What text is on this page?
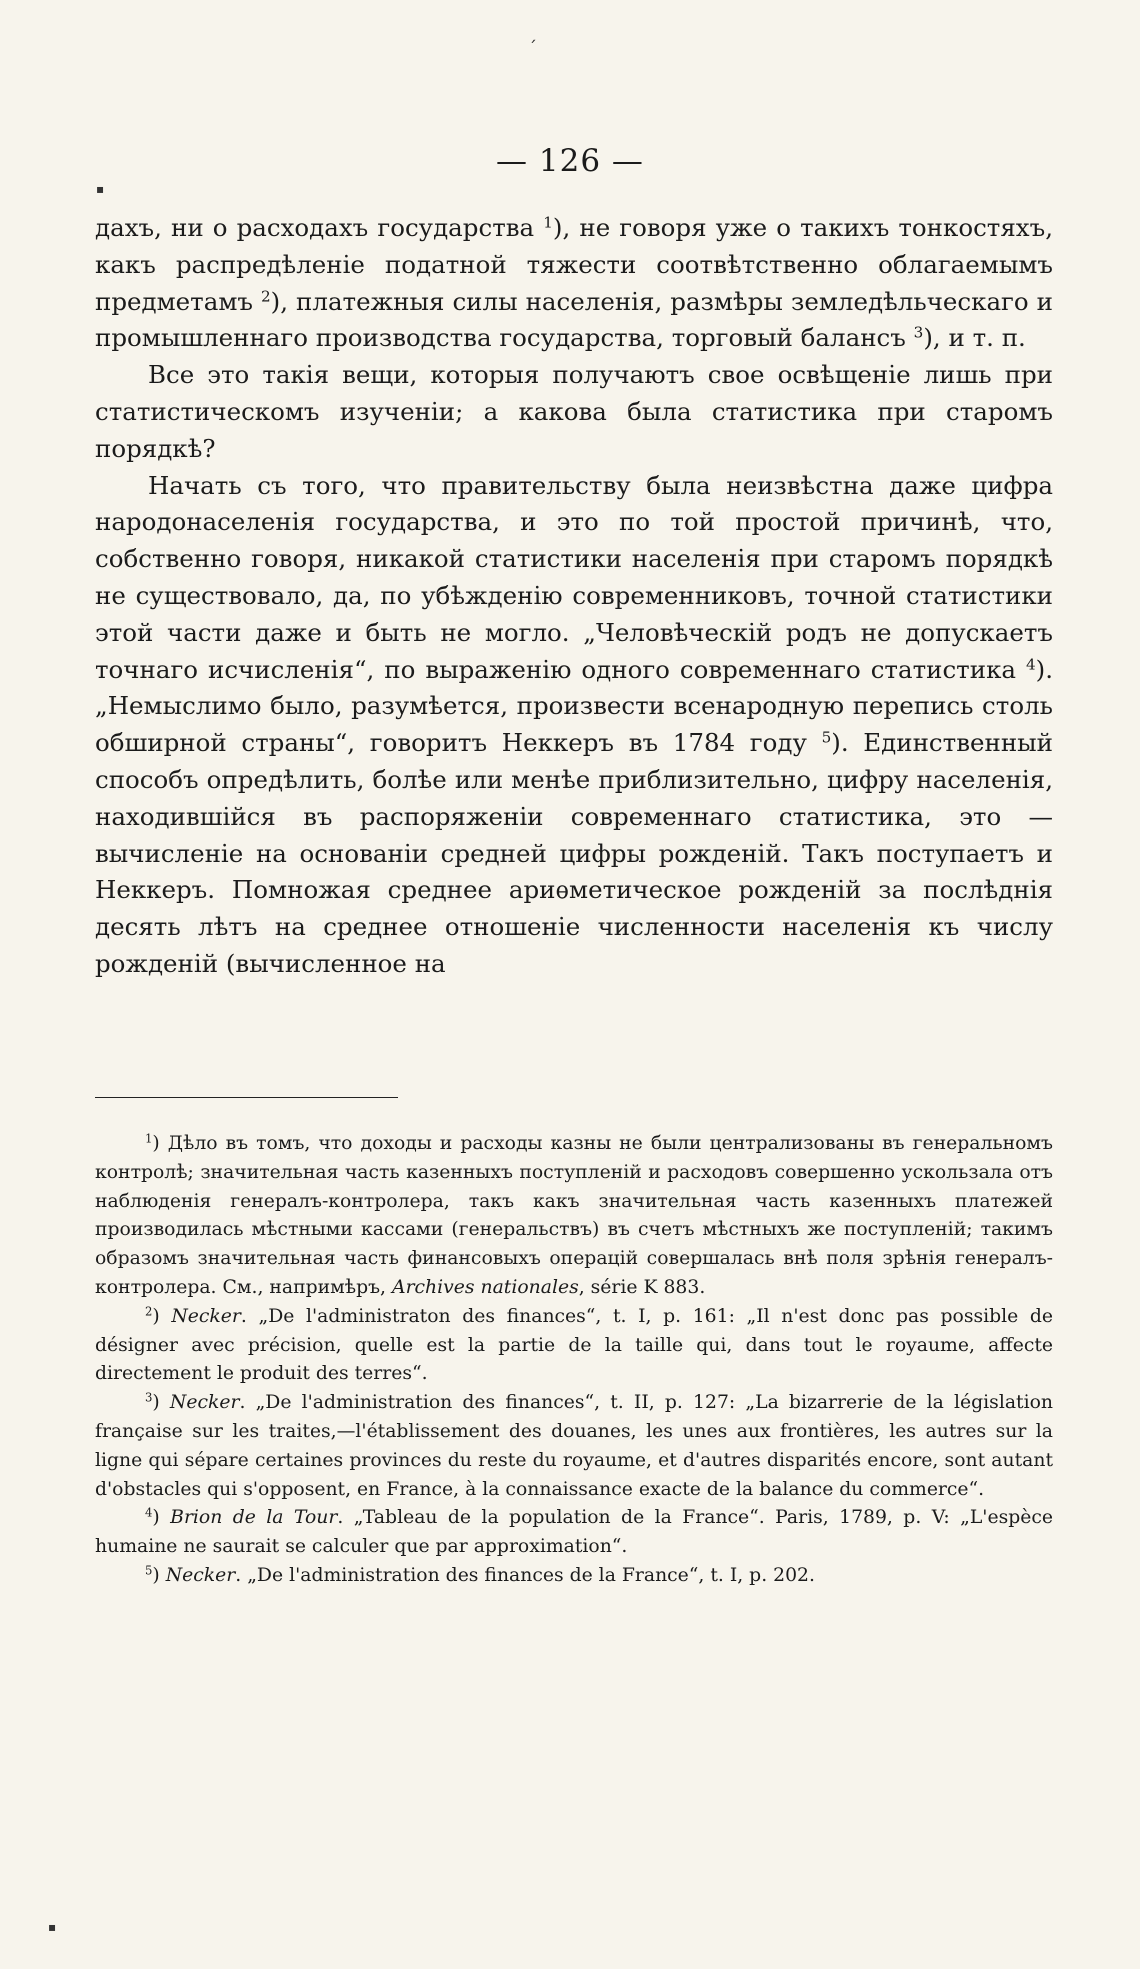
ˊ
▪
— 126 —

дахъ, ни о расходахъ государства $^1$), не говоря уже о такихъ тонкостяхъ, какъ распредѣленіе податной тяжести соотвѣтственно облагаемымъ предметамъ $^2$), платежныя силы населенія, размѣры земледѣльческаго и промышленнаго производства государства, торговый балансъ $^3$), и т. п.

Все это такія вещи, которыя получаютъ свое освѣщеніе лишь при статистическомъ изученіи; а какова была статистика при старомъ порядкѣ?

Начать съ того, что правительству была неизвѣстна даже цифра народонаселенія государства, и это по той простой причинѣ, что, собственно говоря, никакой статистики населенія при старомъ порядкѣ не существовало, да, по убѣжденію современниковъ, точной статистики этой части даже и быть не могло. „Человѣческій родъ не допускаетъ точнаго исчисленія“, по выраженію одного современнаго статистика $^4$). „Немыслимо было, разумѣется, произвести всенародную перепись столь обширной страны“, говоритъ Неккеръ въ 1784 году $^5$). Единственный способъ опредѣлить, болѣе или менѣе приблизительно, цифру населенія, находившійся въ распоряженіи современнаго статистика, это — вычисленіе на основаніи средней цифры рожденій. Такъ поступаетъ и Неккеръ. Помножая среднее ариѳметическое рожденій за послѣднія десять лѣтъ на среднее отношеніе численности населенія къ числу рожденій (вычисленное на

$^1$) Дѣло въ томъ, что доходы и расходы казны не были централизованы въ генеральномъ контролѣ; значительная часть казенныхъ поступленій и расходовъ совершенно ускользала отъ наблюденія генералъ-контролера, такъ какъ значительная часть казенныхъ платежей производилась мѣстными кассами (генеральствъ) въ счетъ мѣстныхъ же поступленій; такимъ образомъ значительная часть финансовыхъ операцій совершалась внѣ поля зрѣнія генералъ-контролера. См., напримѣръ, Archives nationales, série K 883.

$^2$) Necker. „De l'administraton des finances“, t. I, p. 161: „Il n'est donc pas possible de désigner avec précision, quelle est la partie de la taille qui, dans tout le royaume, affecte directement le produit des terres“.

$^3$) Necker. „De l'administration des finances“, t. II, p. 127: „La bizarrerie de la législation française sur les traites,—l'établissement des douanes, les unes aux frontières, les autres sur la ligne qui sépare certaines provinces du reste du royaume, et d'autres disparités encore, sont autant d'obstacles qui s'opposent, en France, à la connaissance exacte de la balance du commerce“.

$^4$) Brion de la Tour. „Tableau de la population de la France“. Paris, 1789, p. V: „L'espèce humaine ne saurait se calculer que par approximation“.

$^5$) Necker. „De l'administration des finances de la France“, t. I, p. 202.

▪
